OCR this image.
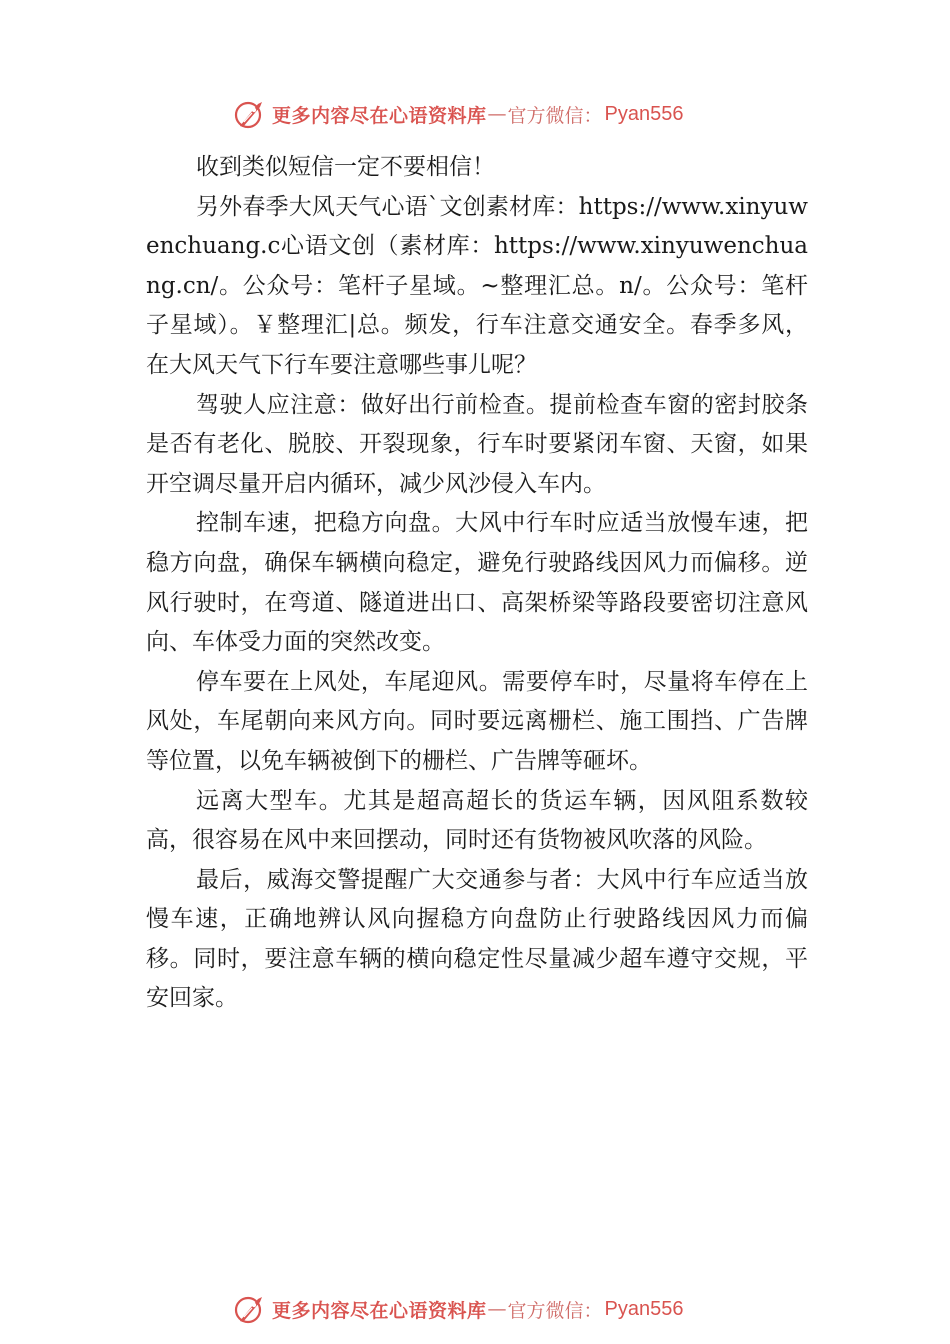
更多内容尽在心语资料库 — 官方微信： Pyan556

收到类似短信一定不要相信！

另外春季大风天气心语`文创素材库：https://www.xinyuwenchuang.c心语文创（素材库：https://www.xinyuwenchuang.cn/。公众号：笔杆子星域。~整理汇总。n/。公众号：笔杆子星域）。￥整理汇|总。频发，行车注意交通安全。春季多风， 在大风天气下行车要注意哪些事儿呢？

驾驶人应注意：做好出行前检查。提前检查车窗的密封胶条是否有老化、脱胶、开裂现象，行车时要紧闭车窗、天窗，如果开空调尽量开启内循环，减少风沙侵入车内。

控制车速，把稳方向盘。大风中行车时应适当放慢车速，把稳方向盘，确保车辆横向稳定，避免行驶路线因风力而偏移。逆风行驶时，在弯道、隧道进出口、高架桥梁等路段要密切注意风向、车体受力面的突然改变。

停车要在上风处，车尾迎风。需要停车时，尽量将车停在上风处，车尾朝向来风方向。同时要远离栅栏、施工围挡、广告牌等位置，以免车辆被倒下的栅栏、广告牌等砸坏。

远离大型车。尤其是超高超长的货运车辆，因风阻系数较高，很容易在风中来回摆动，同时还有货物被风吹落的风险。

最后，威海交警提醒广大交通参与者：大风中行车应适当放慢车速，正确地辨认风向握稳方向盘防止行驶路线因风力而偏移。同时，要注意车辆的横向稳定性尽量减少超车遵守交规，平安回家。

更多内容尽在心语资料库 — 官方微信： Pyan556
